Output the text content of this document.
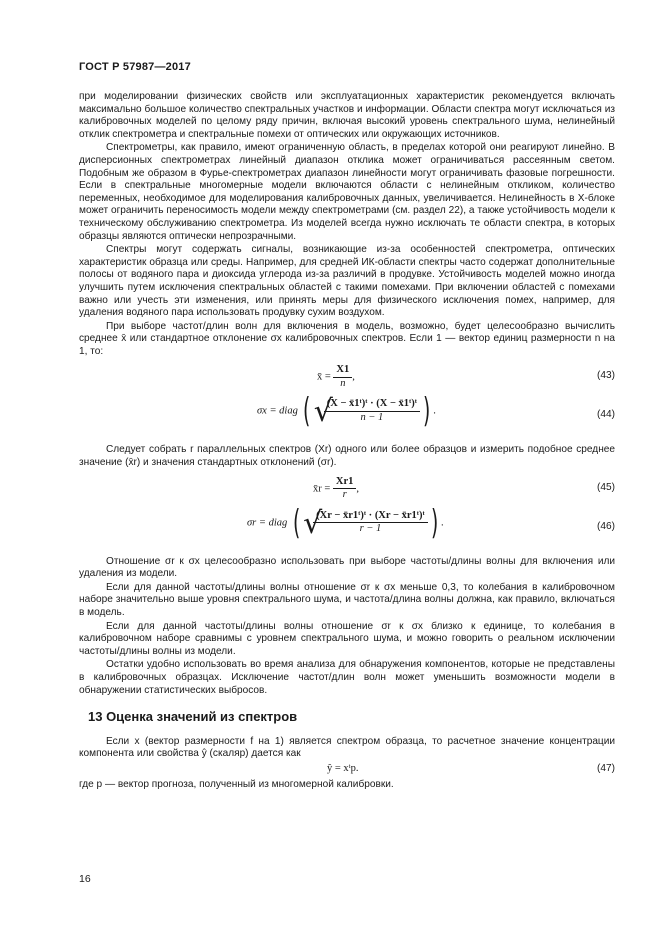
ГОСТ Р 57987—2017

при моделировании физических свойств или эксплуатационных характеристик рекомендуется включать максимально большое количество спектральных участков и информации. Области спектра могут исключаться из калибровочных моделей по целому ряду причин, включая высокий уровень спектрального шума, нелинейный отклик спектрометра и спектральные помехи от оптических или окружающих источников.

Спектрометры, как правило, имеют ограниченную область, в пределах которой они реагируют линейно. В дисперсионных спектрометрах линейный диапазон отклика может ограничиваться рассеянным светом. Подобным же образом в Фурье-спектрометрах диапазон линейности могут ограничивать фазовые погрешности. Если в спектральные многомерные модели включаются области с нелинейным откликом, количество переменных, необходимое для моделирования калибровочных данных, увеличивается. Нелинейность в X-блоке может ограничить переносимость модели между спектрометрами (см. раздел 22), а также устойчивость модели к техническому обслуживанию спектрометра. Из моделей всегда нужно исключать те области спектра, в которых образцы являются оптически непрозрачными.

Спектры могут содержать сигналы, возникающие из-за особенностей спектрометра, оптических характеристик образца или среды. Например, для средней ИК-области спектры часто содержат дополнительные полосы от водяного пара и диоксида углерода из-за различий в продувке. Устойчивость моделей можно иногда улучшить путем исключения спектральных областей с такими помехами. При включении областей с помехами важно или учесть эти изменения, или принять меры для физического исключения помех, например, для удаления водяного пара использовать продувку сухим воздухом.

При выборе частот/длин волн для включения в модель, возможно, будет целесообразно вычислить среднее x̄ или стандартное отклонение σx калибровочных спектров. Если 1 — вектор единиц размерности n на 1, то:

x̄ = $\frac{X1}{n}$ ,	(43)
σx = diag ( √
$\frac{\text{(X − x̄1ᵗ)ᵗ · (X − x̄1ᵗ)ᵗ}}{n - 1}$ ) .	(44)

Следует собрать r параллельных спектров (Xr) одного или более образцов и измерить подобное среднее значение (x̄r) и значения стандартных отклонений (σr).

x̄r = $\frac{Xr1}{r}$ ,	(45)
σr = diag ( √
$\frac{\text{(Xr − x̄r1ᵗ)ᵗ · (Xr − x̄r1ᵗ)ᵗ}}{r - 1}$ ) .	(46)

Отношение σr к σx целесообразно использовать при выборе частоты/длины волны для включения или удаления из модели.

Если для данной частоты/длины волны отношение σr к σx меньше 0,3, то колебания в калибровочном наборе значительно выше уровня спектрального шума, и частота/длина волны должна, как правило, включаться в модель.

Если для данной частоты/длины волны отношение σr к σx близко к единице, то колебания в калибровочном наборе сравнимы с уровнем спектрального шума, и можно говорить о реальном исключении частоты/длины волны из модели.

Остатки удобно использовать во время анализа для обнаружения компонентов, которые не представлены в калибровочных образцах. Исключение частот/длин волн может уменьшить возможности модели в обнаружении статистических выбросов.

13 Оценка значений из спектров

Если x (вектор размерности f на 1) является спектром образца, то расчетное значение концентрации компонента или свойства ŷ (скаляр) дается как

ŷ = xᵗp.	(47)

где p — вектор прогноза, полученный из многомерной калибровки.

16
